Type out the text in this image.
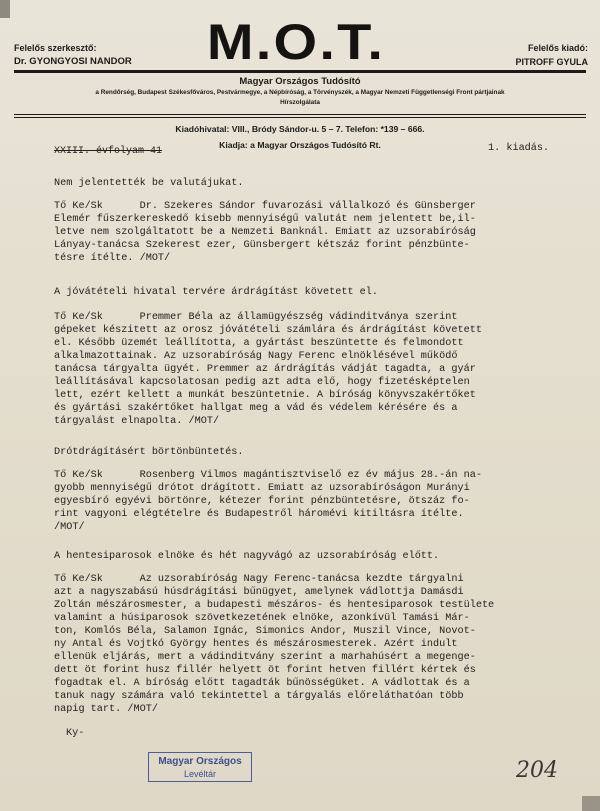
Felelős szerkesztő:
Dr. GYONGYOSI NANDOR	M.O.T.	Felelős kiadó:
PITROFF GYULA
Magyar Országos Tudósító
a Rendőrség, Budapest Székesfőváros, Pestvármegye, a Népbíróság, a Törvényszék, a Magyar Nemzeti Függetlenségi Front pártjainak
Hírszolgálata
Kiadóhivatal: VIII., Bródy Sándor-u. 5 – 7. Telefon: *139 – 666.
Kiadja: a Magyar Országos Tudósító Rt.
XXIII. évfolyam 41	1. kiadás.
Nem jelentették be valutájukat.
Tő Ke/Sk      Dr. Szekeres Sándor fuvarozási vállalkozó és Günsberger
Elemér fűszerkereskedő kisebb mennyiségű valutát nem jelentett be,il-
letve nem szolgáltatott be a Nemzeti Banknál. Emiatt az uzsorabíróság
Lányay-tanácsa Szekerest ezer, Günsbergert kétszáz forint pénzbünte-
tésre ítélte. /MOT/
A jóvátételi hivatal tervére árdrágítást követett el.
Tő Ke/Sk      Premmer Béla az államügyészség vádinditványa szerint
gépeket készitett az orosz jóvátételi számlára és árdrágítást követett
el. Később üzemét leállította, a gyártást beszüntette és felmondott
alkalmazottainak. Az uzsorabíróság Nagy Ferenc elnöklésével működő
tanácsa tárgyalta ügyét. Premmer az árdrágítás vádját tagadta, a gyár
leállításával kapcsolatosan pedig azt adta elő, hogy fizetésképtelen
lett, ezért kellett a munkát beszüntetnie. A bíróság könyvszakértőket
és gyártási szakértőket hallgat meg a vád és védelem kérésére és a
tárgyalást elnapolta. /MOT/
Drótdrágításért börtönbüntetés.
Tő Ke/Sk      Rosenberg Vilmos magántisztviselő ez év május 28.-án na-
gyobb mennyiségű drótot drágított. Emiatt az uzsorabíróságon Murányi
egyesbíró egyévi börtönre, kétezer forint pénzbüntetésre, ötszáz fo-
rint vagyoni elégtételre és Budapestről háromévi kitiltásra ítélte.
/MOT/
A hentesiparosok elnöke és hét nagyvágó az uzsorabíróság előtt.
Tő Ke/Sk      Az uzsorabíróság Nagy Ferenc-tanácsa kezdte tárgyalni
azt a nagyszabású húsdrágítási bűnügyet, amelynek vádlottja Damásdi
Zoltán mészárosmester, a budapesti mészáros- és hentesiparosok testülete
valamint a húsiparosok szövetkezetének elnöke, azonkívül Tamási Már-
ton, Komlós Béla, Salamon Ignác, Simonics Andor, Muszil Vince, Novot-
ny Antal és Vojtkó György hentes és mészárosmesterek. Azért indult
ellenük eljárás, mert a vádinditvány szerint a marhahúsért a megenge-
dett öt forint husz fillér helyett öt forint hetven fillért kértek és
fogadtak el. A bíróság előtt tagadták bűnösségüket. A vádlottak és a
tanuk nagy számára való tekintettel a tárgyalás előreláthatóan több
napig tart. /MOT/
Ky-
Magyar Országos
Levéltár	204
